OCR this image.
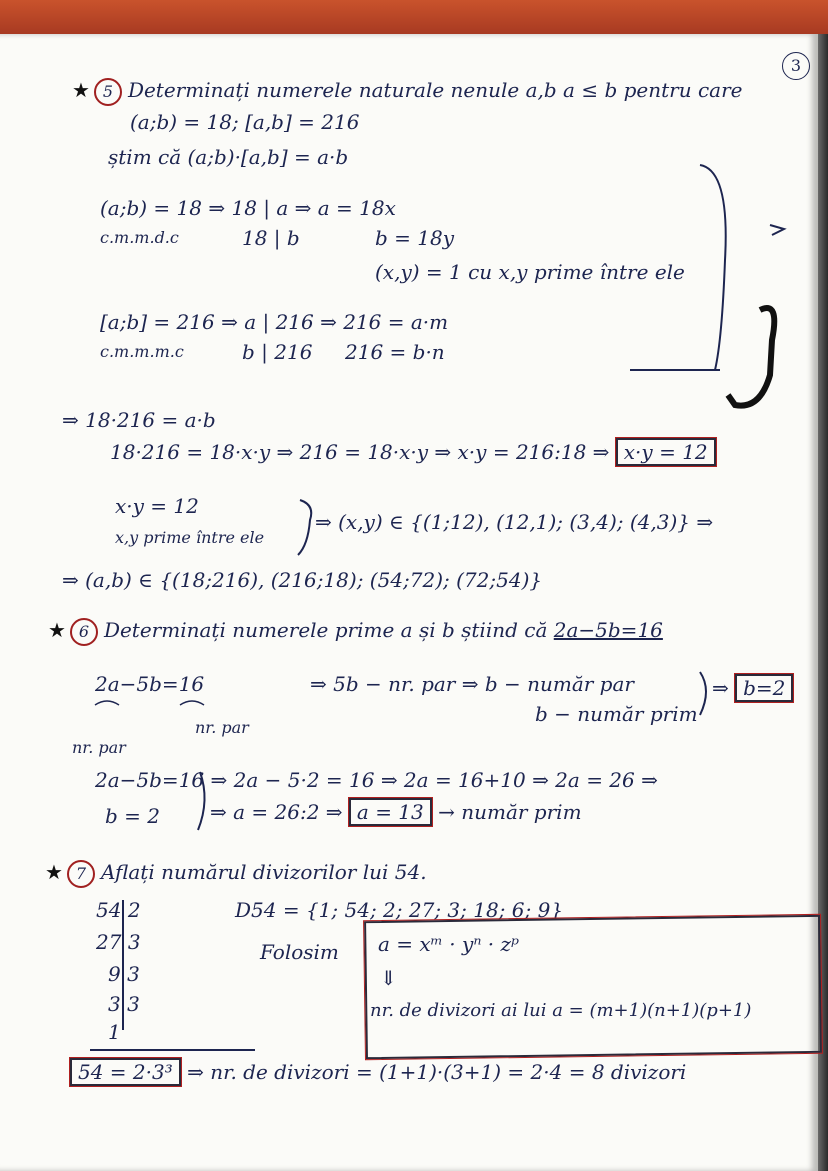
3
★ 5 Determinați numerele naturale nenule a,b a ≤ b pentru care
(a;b) = 18; [a,b] = 216
știm că (a;b)·[a,b] = a·b
(a;b) = 18 ⇒ 18 | a ⇒ a = 18x
c.m.m.d.c	18 | b	b = 18y
(x,y) = 1 cu x,y prime între ele
[a;b] = 216 ⇒ a | 216 ⇒ 216 = a·m
c.m.m.m.c	b | 216 216 = b·n
⇒ 18·216 = a·b
18·216 = 18·x·y ⇒ 216 = 18·x·y ⇒ x·y = 216:18 ⇒ x·y = 12
x·y = 12
x,y prime între ele
⇒ (x,y) ∈ {(1;12), (12,1); (3,4); (4,3)} ⇒
⇒ (a,b) ∈ {(18;216), (216;18); (54;72); (72;54)}
★ 6 Determinați numerele prime a și b știind că 2a−5b=16
2a−5b=16	⇒ 5b − nr. par ⇒ b − număr par
b − număr prim
⇒ b=2
nr. par
nr. par
2a−5b=16 ⇒ 2a − 5·2 = 16 ⇒ 2a = 16+10 ⇒ 2a = 26 ⇒
b = 2	⇒ a = 26:2 ⇒ a = 13 → număr prim
★ 7 Aflați numărul divizorilor lui 54.
D54 = {1; 54; 2; 27; 3; 18; 6; 9}
54 2
27 3
9 3
3 3
1
Folosim a = xᵐ · yⁿ · zᵖ
⇓
nr. de divizori ai lui a = (m+1)(n+1)(p+1)
54 = 2·3³ ⇒ nr. de divizori = (1+1)·(3+1) = 2·4 = 8 divizori
